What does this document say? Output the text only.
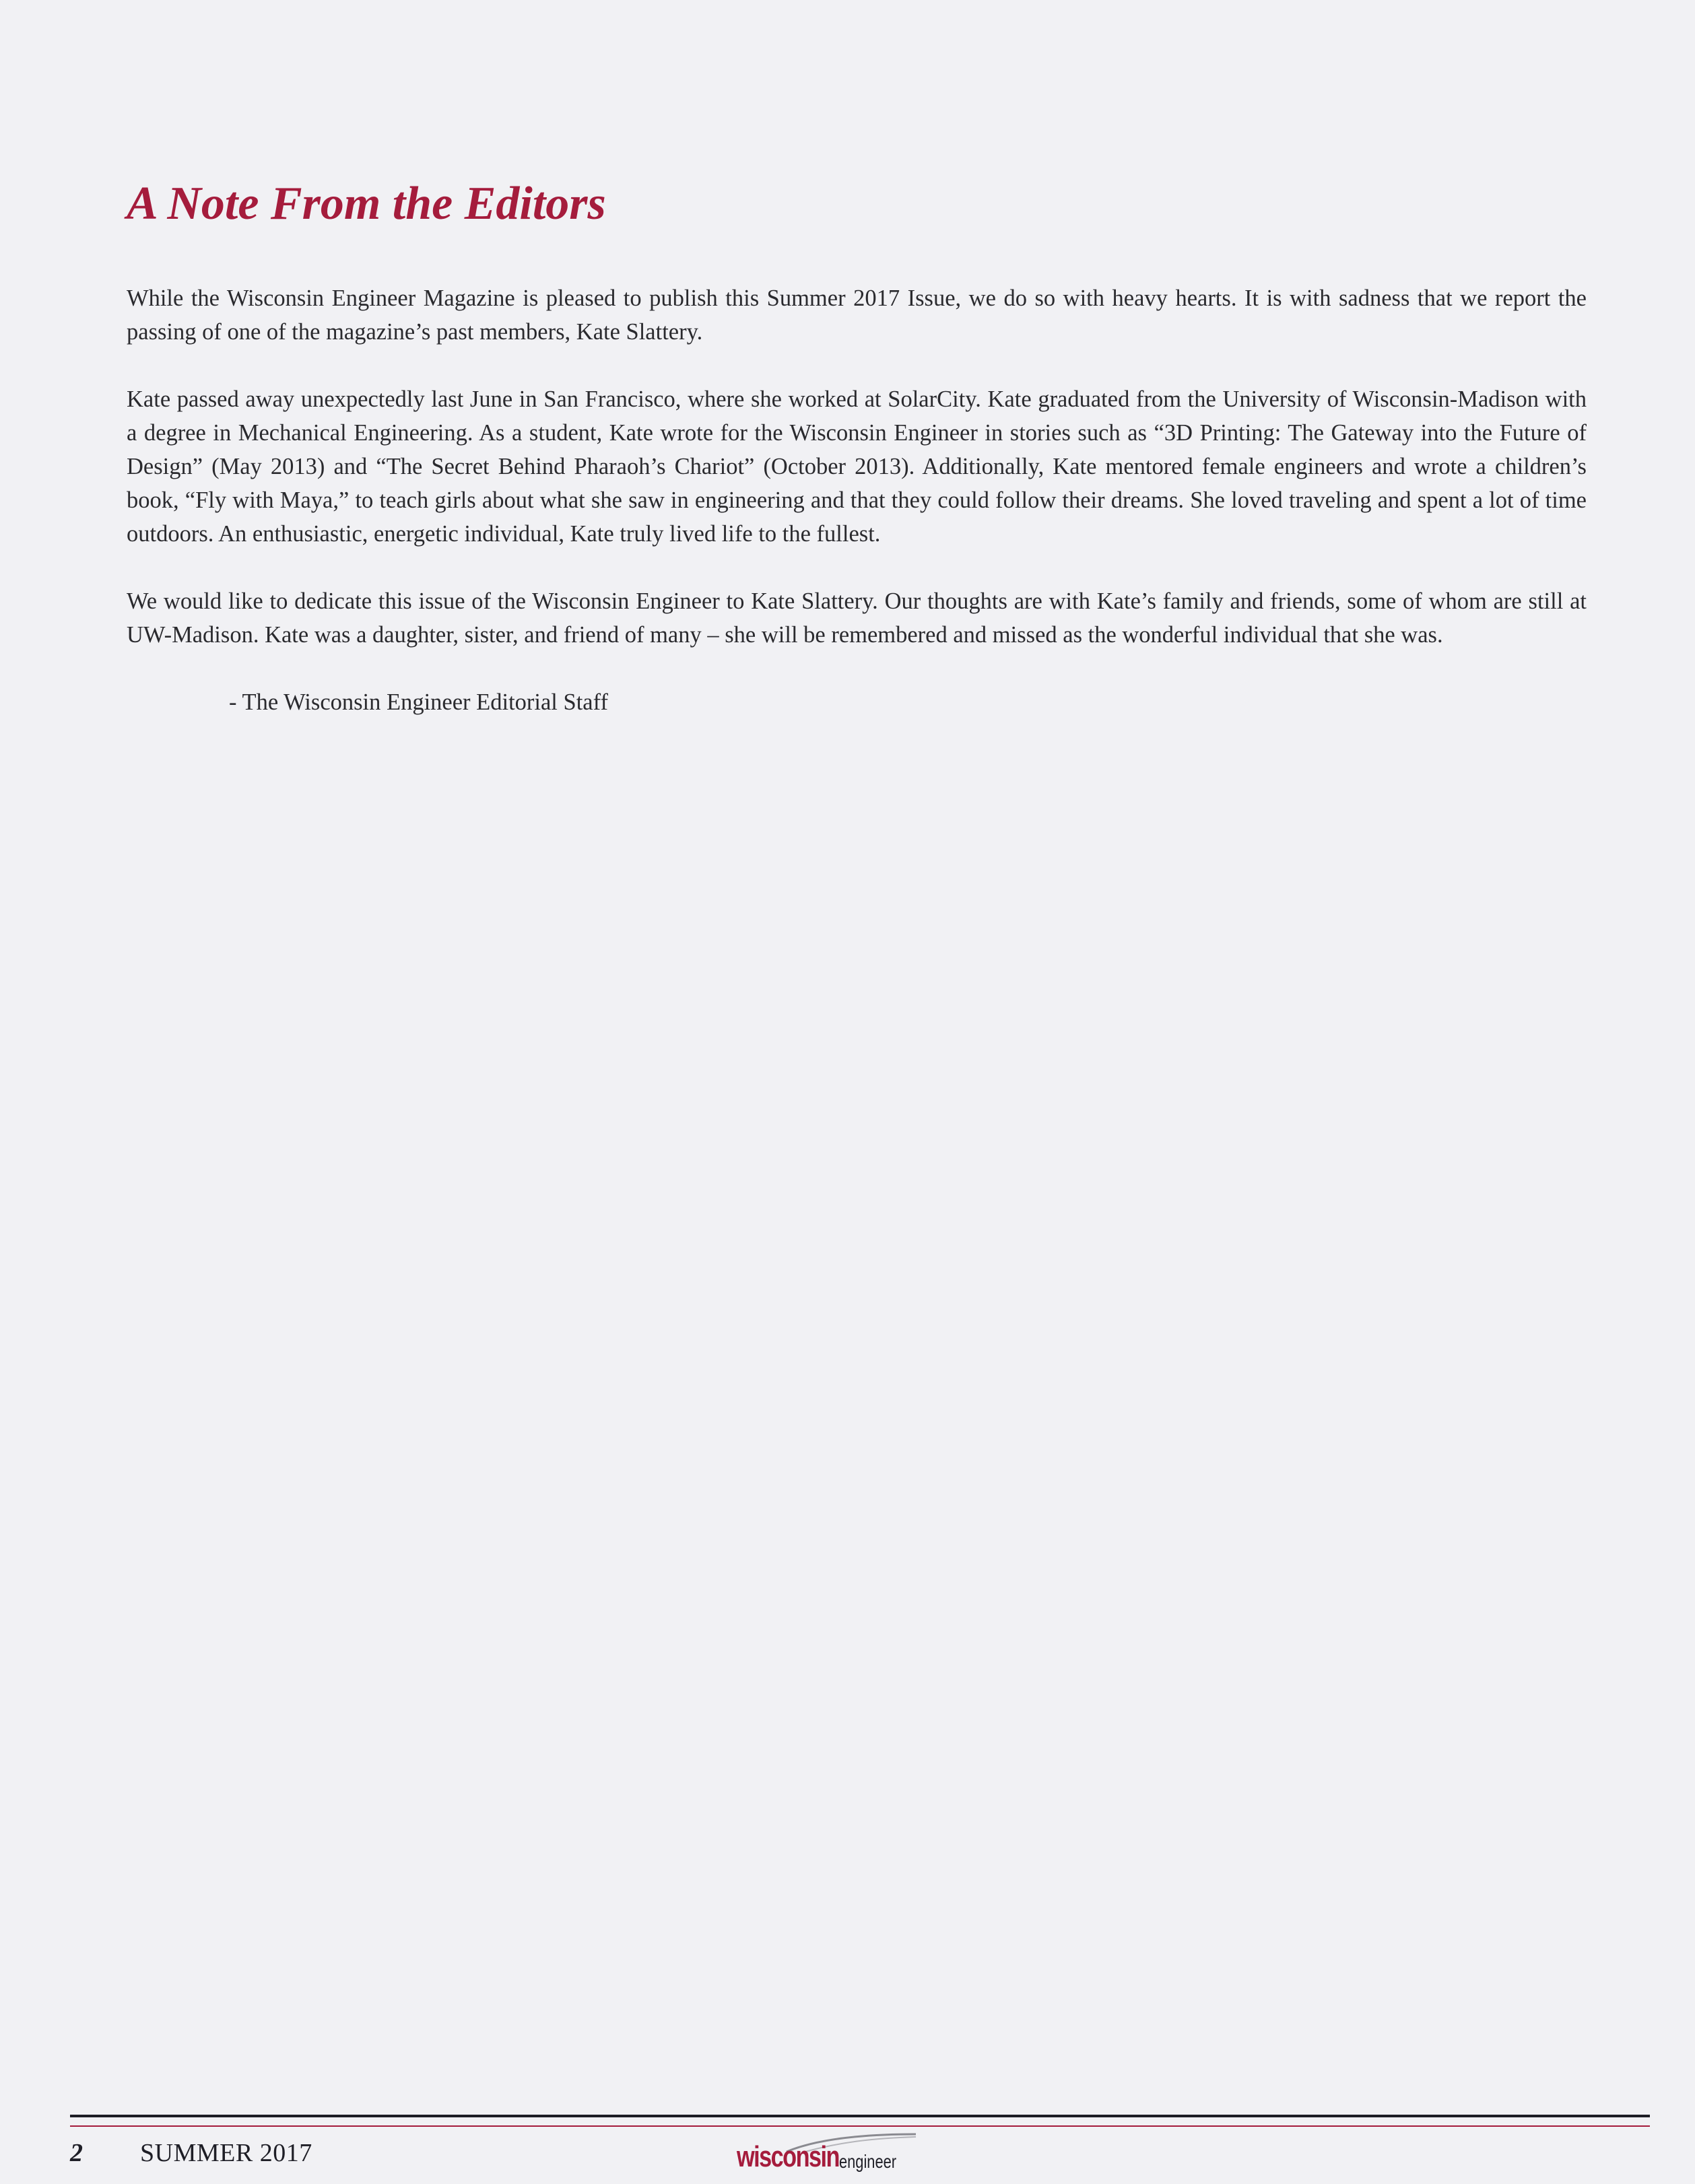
A Note From the Editors

While the Wisconsin Engineer Magazine is pleased to publish this Summer 2017 Issue, we do so with heavy hearts. It is with sadness that we report the passing of one of the magazine’s past members, Kate Slattery.

Kate passed away unexpectedly last June in San Francisco, where she worked at SolarCity. Kate graduated from the University of Wisconsin-Madison with a degree in Mechanical Engineering. As a student, Kate wrote for the Wisconsin Engineer in stories such as “3D Printing: The Gateway into the Future of Design” (May 2013) and “The Secret Behind Pharaoh’s Chariot” (October 2013). Additionally, Kate mentored female engineers and wrote a children’s book, “Fly with Maya,” to teach girls about what she saw in engineering and that they could follow their dreams. She loved traveling and spent a lot of time outdoors. An enthusiastic, energetic individual, Kate truly lived life to the fullest.

We would like to dedicate this issue of the Wisconsin Engineer to Kate Slattery. Our thoughts are with Kate’s family and friends, some of whom are still at UW-Madison. Kate was a daughter, sister, and friend of many – she will be remembered and missed as the wonderful individual that she was.

- The Wisconsin Engineer Editorial Staff

2 SUMMER 2017	wisconsin engineer
